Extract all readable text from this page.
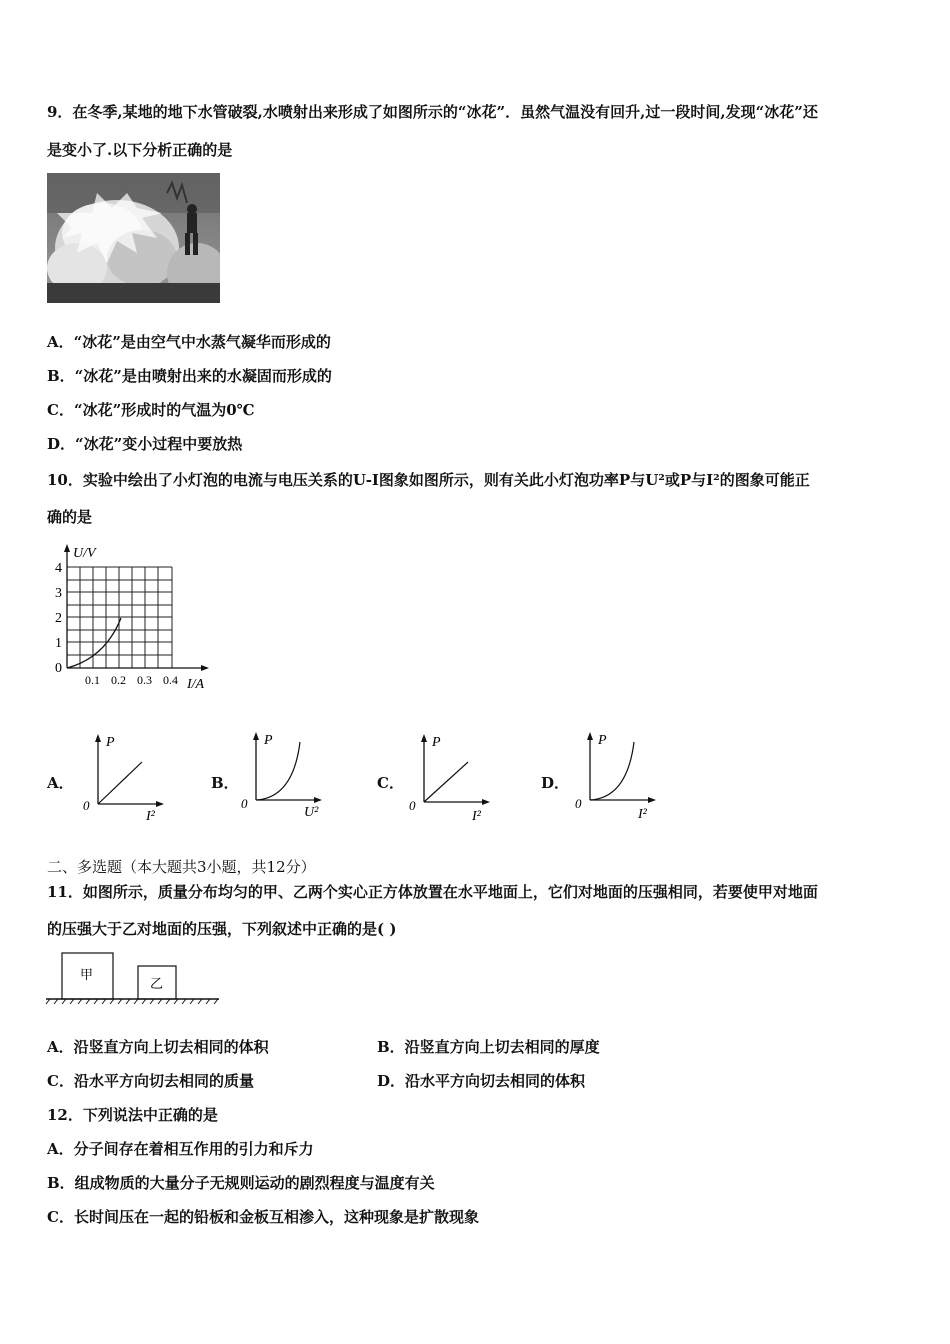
9．在冬季,某地的地下水管破裂,水喷射出来形成了如图所示的“冰花”．虽然气温没有回升,过一段时间,发现“冰花”还
是变小了.以下分析正确的是
A．“冰花”是由空气中水蒸气凝华而形成的
B．“冰花”是由喷射出来的水凝固而形成的
C．“冰花”形成时的气温为0℃
D．“冰花”变小过程中要放热
10．实验中绘出了小灯泡的电流与电压关系的U-I图象如图所示，则有关此小灯泡功率P与U²或P与I²的图象可能正
确的是
U/V
I/A
4
3
2
1
0
0.1 0.2 0.3 0.4
A．
P
0
I²
B．
P
0
U²
C．
P
0
I²
D．
P
0
I²
二、多选题（本大题共3小题，共12分）
11．如图所示，质量分布均匀的甲、乙两个实心正方体放置在水平地面上，它们对地面的压强相同，若要使甲对地面
的压强大于乙对地面的压强，下列叙述中正确的是( )
甲
乙
A．沿竖直方向上切去相同的体积	B．沿竖直方向上切去相同的厚度
C．沿水平方向切去相同的质量	D．沿水平方向切去相同的体积
12．下列说法中正确的是
A．分子间存在着相互作用的引力和斥力
B．组成物质的大量分子无规则运动的剧烈程度与温度有关
C．长时间压在一起的铅板和金板互相渗入，这种现象是扩散现象
